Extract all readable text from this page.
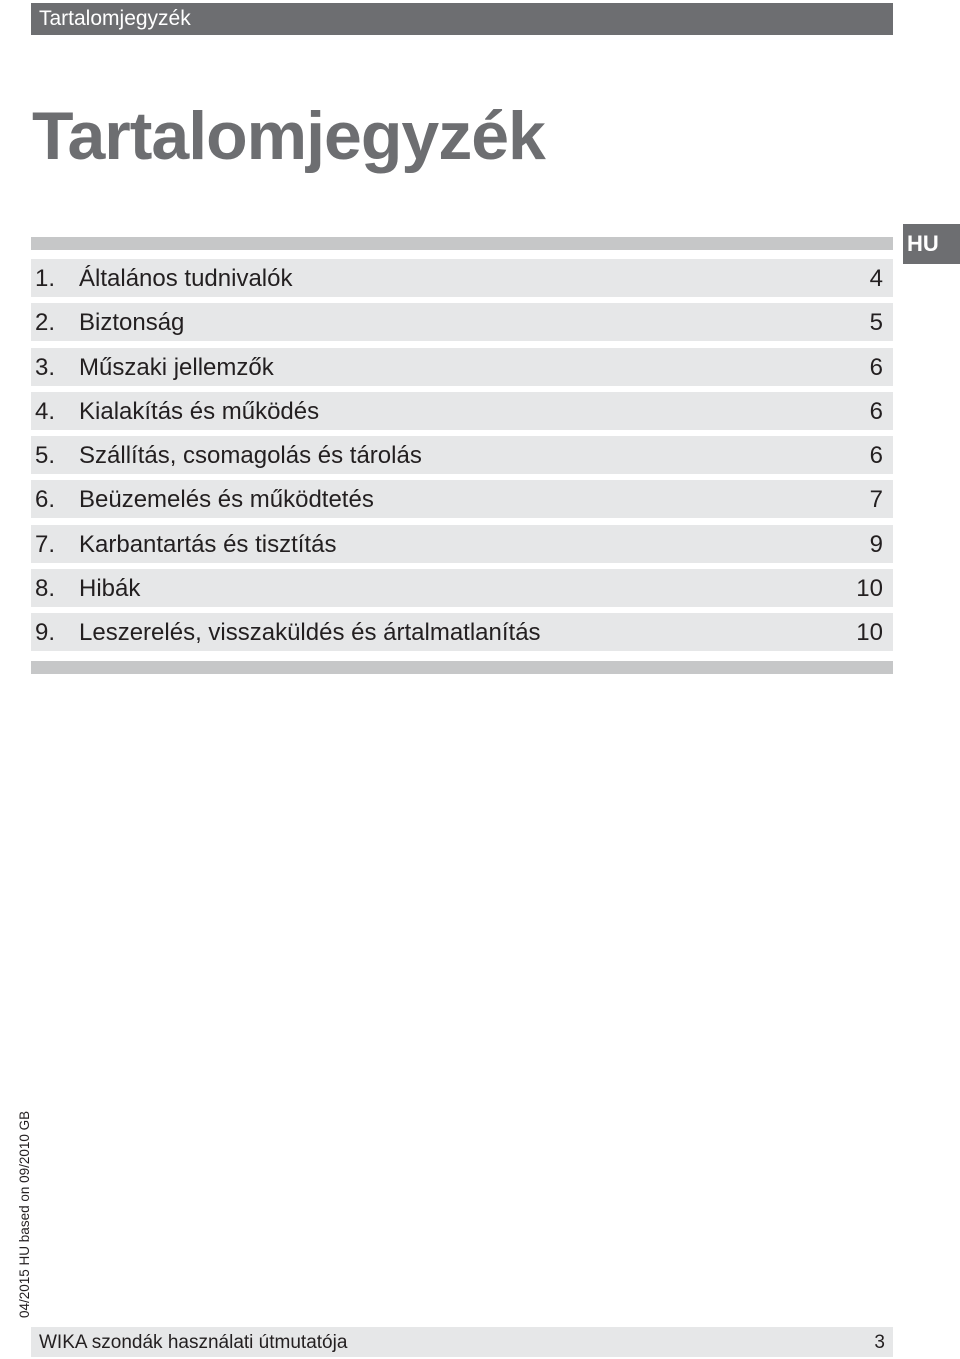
Tartalomjegyzék
Tartalomjegyzék
HU
1. Általános tudnivalók	4
2. Biztonság	5
3. Műszaki jellemzők	6
4. Kialakítás és működés	6
5. Szállítás, csomagolás és tárolás	6
6. Beüzemelés és működtetés	7
7. Karbantartás és tisztítás	9
8. Hibák	10
9. Leszerelés, visszaküldés és ártalmatlanítás	10
04/2015 HU based on 09/2010 GB
WIKA szondák használati útmutatója	3
